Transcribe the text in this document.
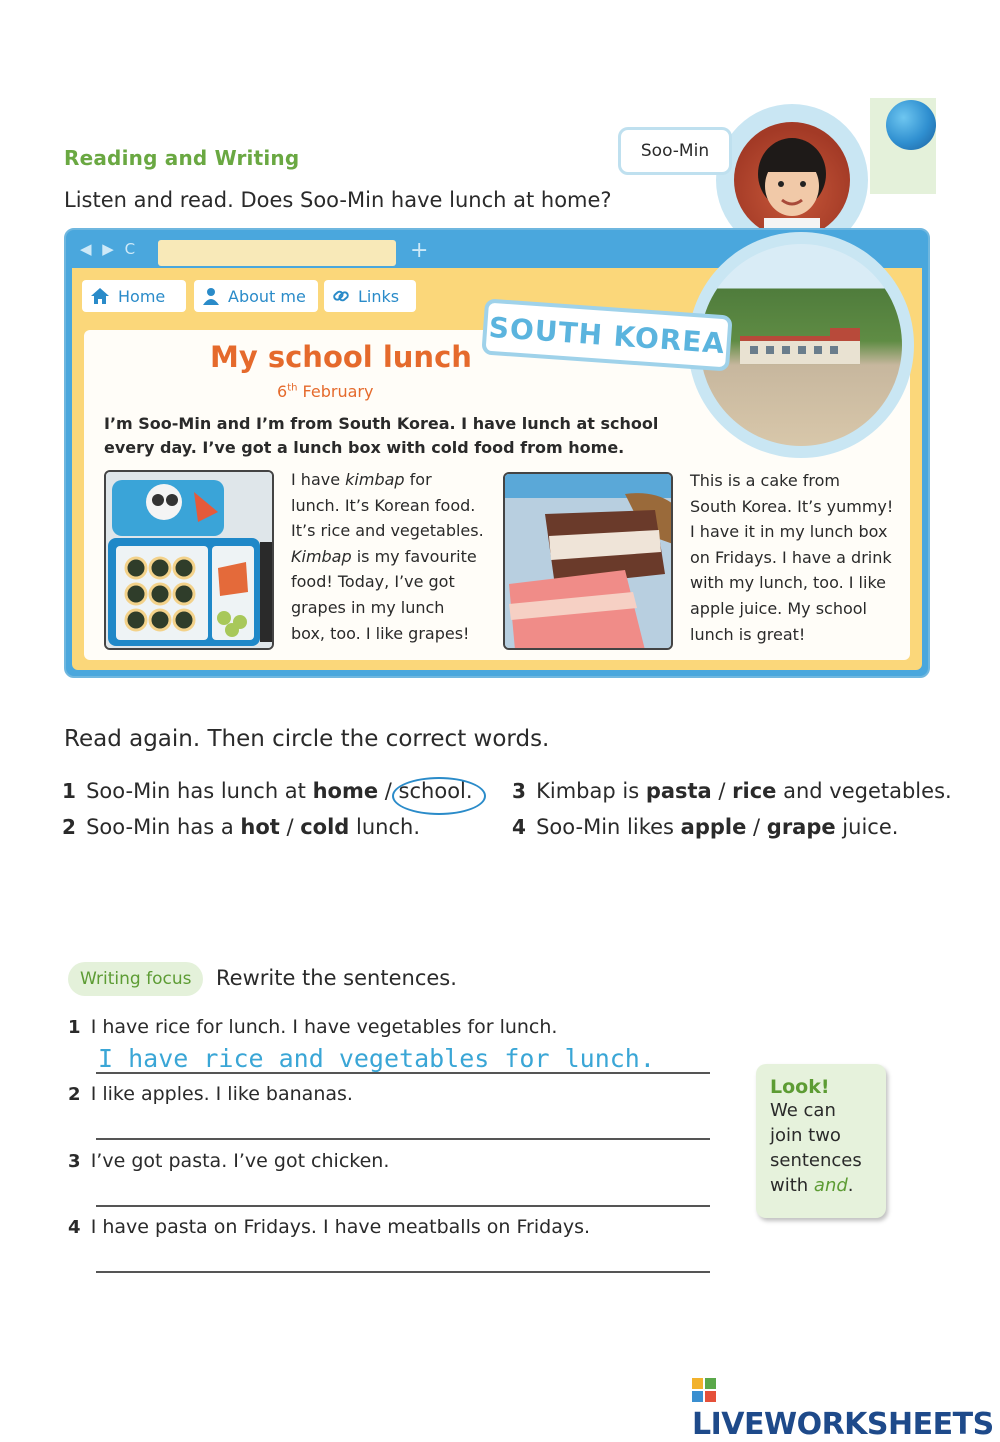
Reading and Writing
Listen and read. Does Soo-Min have lunch at home?
Soo-Min
◀ ▶ C	+
Home	About me	Links
SOUTH KOREA
My school lunch
6th February
I’m Soo-Min and I’m from South Korea. I have lunch at school every day. I’ve got a lunch box with cold food from home.
I have kimbap for
lunch. It’s Korean food.
It’s rice and vegetables.
Kimbap is my favourite
food! Today, I’ve got
grapes in my lunch
box, too. I like grapes!
This is a cake from
South Korea. It’s yummy!
I have it in my lunch box
on Fridays. I have a drink
with my lunch, too. I like
apple juice. My school
lunch is great!
Read again. Then circle the correct words.
1 Soo-Min has lunch at home / school.
2 Soo-Min has a hot / cold lunch.
3 Kimbap is pasta / rice and vegetables.
4 Soo-Min likes apple / grape juice.
Writing focus	Rewrite the sentences.
1 I have rice for lunch. I have vegetables for lunch.
I have rice and vegetables for lunch.
2 I like apples. I like bananas.
3 I’ve got pasta. I’ve got chicken.
4 I have pasta on Fridays. I have meatballs on Fridays.
Look!
We can
join two
sentences
with and.
LIVEWORKSHEETS
